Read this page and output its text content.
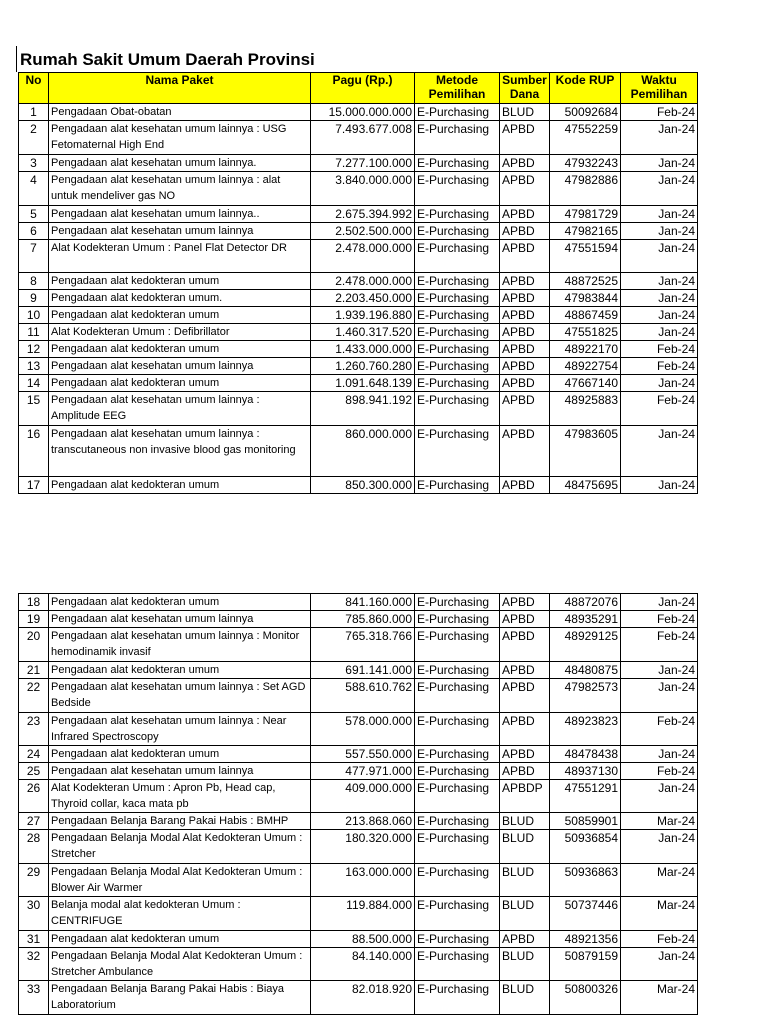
Rumah Sakit Umum Daerah Provinsi
No	Nama Paket	Pagu (Rp.)	Metode Pemilihan	Sumber Dana	Kode RUP	Waktu Pemilihan
1	Pengadaan Obat-obatan	15.000.000.000	E-Purchasing	BLUD	50092684	Feb-24
2	Pengadaan alat kesehatan umum lainnya : USG Fetomaternal High End	7.493.677.008	E-Purchasing	APBD	47552259	Jan-24
3	Pengadaan alat kesehatan umum lainnya.	7.277.100.000	E-Purchasing	APBD	47932243	Jan-24
4	Pengadaan alat kesehatan umum lainnya : alat untuk mendeliver gas NO	3.840.000.000	E-Purchasing	APBD	47982886	Jan-24
5	Pengadaan alat kesehatan umum lainnya..	2.675.394.992	E-Purchasing	APBD	47981729	Jan-24
6	Pengadaan alat kesehatan umum lainnya	2.502.500.000	E-Purchasing	APBD	47982165	Jan-24
7	Alat Kodekteran Umum : Panel Flat Detector DR	2.478.000.000	E-Purchasing	APBD	47551594	Jan-24
8	Pengadaan alat kedokteran umum	2.478.000.000	E-Purchasing	APBD	48872525	Jan-24
9	Pengadaan alat kedokteran umum.	2.203.450.000	E-Purchasing	APBD	47983844	Jan-24
10	Pengadaan alat kedokteran umum	1.939.196.880	E-Purchasing	APBD	48867459	Jan-24
11	Alat Kodekteran Umum : Defibrillator	1.460.317.520	E-Purchasing	APBD	47551825	Jan-24
12	Pengadaan alat kedokteran umum	1.433.000.000	E-Purchasing	APBD	48922170	Feb-24
13	Pengadaan alat kesehatan umum lainnya	1.260.760.280	E-Purchasing	APBD	48922754	Feb-24
14	Pengadaan alat kedokteran umum	1.091.648.139	E-Purchasing	APBD	47667140	Jan-24
15	Pengadaan alat kesehatan umum lainnya : Amplitude EEG	898.941.192	E-Purchasing	APBD	48925883	Feb-24
16	Pengadaan alat kesehatan umum lainnya : transcutaneous non invasive blood gas monitoring	860.000.000	E-Purchasing	APBD	47983605	Jan-24
17	Pengadaan alat kedokteran umum	850.300.000	E-Purchasing	APBD	48475695	Jan-24
18	Pengadaan alat kedokteran umum	841.160.000	E-Purchasing	APBD	48872076	Jan-24
19	Pengadaan alat kesehatan umum lainnya	785.860.000	E-Purchasing	APBD	48935291	Feb-24
20	Pengadaan alat kesehatan umum lainnya : Monitor hemodinamik invasif	765.318.766	E-Purchasing	APBD	48929125	Feb-24
21	Pengadaan alat kedokteran umum	691.141.000	E-Purchasing	APBD	48480875	Jan-24
22	Pengadaan alat kesehatan umum lainnya : Set AGD Bedside	588.610.762	E-Purchasing	APBD	47982573	Jan-24
23	Pengadaan alat kesehatan umum lainnya : Near Infrared Spectroscopy	578.000.000	E-Purchasing	APBD	48923823	Feb-24
24	Pengadaan alat kedokteran umum	557.550.000	E-Purchasing	APBD	48478438	Jan-24
25	Pengadaan alat kesehatan umum lainnya	477.971.000	E-Purchasing	APBD	48937130	Feb-24
26	Alat Kodekteran Umum : Apron Pb, Head cap, Thyroid collar, kaca mata pb	409.000.000	E-Purchasing	APBDP	47551291	Jan-24
27	Pengadaan Belanja Barang Pakai Habis : BMHP	213.868.060	E-Purchasing	BLUD	50859901	Mar-24
28	Pengadaan Belanja Modal Alat Kedokteran Umum : Stretcher	180.320.000	E-Purchasing	BLUD	50936854	Jan-24
29	Pengadaan Belanja Modal Alat Kedokteran Umum : Blower Air Warmer	163.000.000	E-Purchasing	BLUD	50936863	Mar-24
30	Belanja modal alat kedokteran Umum : CENTRIFUGE	119.884.000	E-Purchasing	BLUD	50737446	Mar-24
31	Pengadaan alat kedokteran umum	88.500.000	E-Purchasing	APBD	48921356	Feb-24
32	Pengadaan Belanja Modal Alat Kedokteran Umum : Stretcher Ambulance	84.140.000	E-Purchasing	BLUD	50879159	Jan-24
33	Pengadaan Belanja Barang Pakai Habis : Biaya Laboratorium	82.018.920	E-Purchasing	BLUD	50800326	Mar-24
